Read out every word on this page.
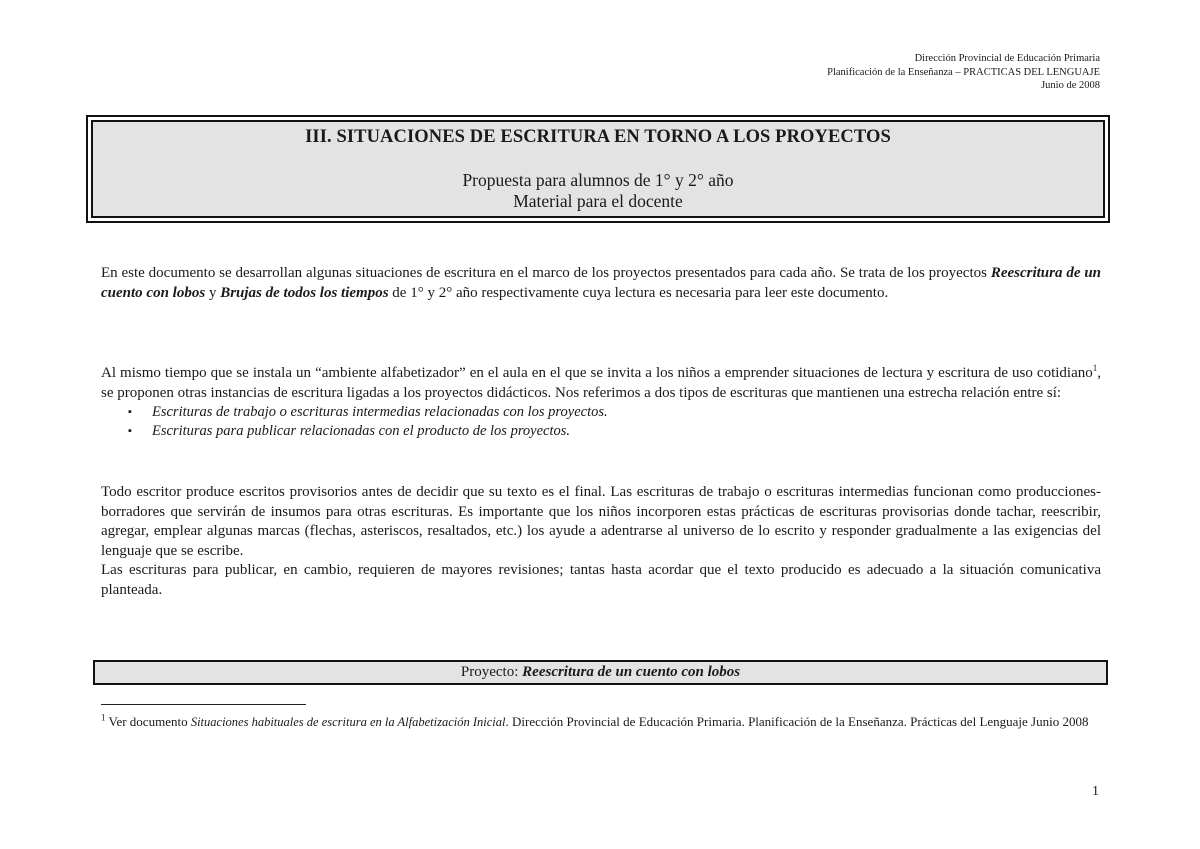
Dirección Provincial de Educación Primaria
Planificación de la Enseñanza – PRACTICAS DEL LENGUAJE
Junio de 2008
III. SITUACIONES DE ESCRITURA EN TORNO A LOS PROYECTOS
Propuesta para alumnos de 1° y 2° año
Material para el docente

En este documento se desarrollan algunas situaciones de escritura en el marco de los proyectos presentados para cada año. Se trata de los proyectos Reescritura de un cuento con lobos y Brujas de todos los tiempos de 1° y 2° año respectivamente cuya lectura es necesaria para leer este documento.

Al mismo tiempo que se instala un “ambiente alfabetizador” en el aula en el que se invita a los niños a emprender situaciones de lectura y escritura de uso cotidiano$^1$, se proponen otras instancias de escritura ligadas a los proyectos didácticos. Nos referimos a dos tipos de escrituras que mantienen una estrecha relación entre sí:

▪ Escrituras de trabajo o escrituras intermedias relacionadas con los proyectos.
▪ Escrituras para publicar relacionadas con el producto de los proyectos.

Todo escritor produce escritos provisorios antes de decidir que su texto es el final. Las escrituras de trabajo o escrituras intermedias funcionan como producciones-borradores que servirán de insumos para otras escrituras. Es importante que los niños incorporen estas prácticas de escrituras provisorias donde tachar, reescribir, agregar, emplear algunas marcas (flechas, asteriscos, resaltados, etc.) los ayude a adentrarse al universo de lo escrito y responder gradualmente a las exigencias del lenguaje que se escribe.

Las escrituras para publicar, en cambio, requieren de mayores revisiones; tantas hasta acordar que el texto producido es adecuado a la situación comunicativa planteada.

Proyecto: Reescritura de un cuento con lobos
$^1$ Ver documento Situaciones habituales de escritura en la Alfabetización Inicial. Dirección Provincial de Educación Primaria. Planificación de la Enseñanza. Prácticas del Lenguaje Junio 2008
1
